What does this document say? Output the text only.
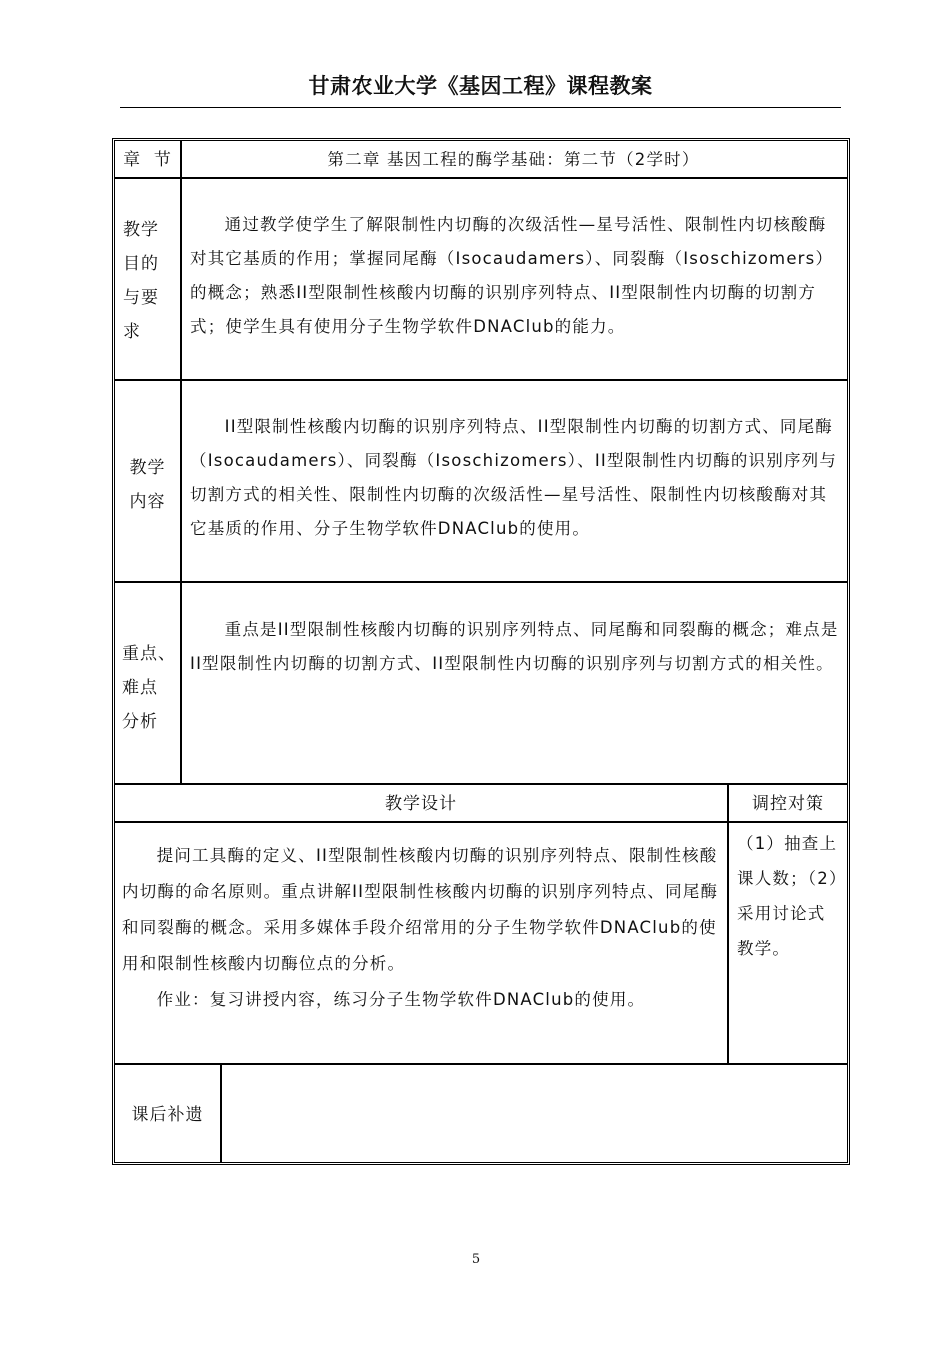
甘肃农业大学《基因工程》课程教案
章  节	第二章 基因工程的酶学基础：第二节（2学时）
教学
目的
与要
求

通过教学使学生了解限制性内切酶的次级活性—星号活性、限制性内切核酸酶对其它基质的作用；掌握同尾酶（Isocaudamers）、同裂酶（Isoschizomers）的概念；熟悉II型限制性核酸内切酶的识别序列特点、II型限制性内切酶的切割方式；使学生具有使用分子生物学软件DNAClub的能力。

教学
内容

II型限制性核酸内切酶的识别序列特点、II型限制性内切酶的切割方式、同尾酶（Isocaudamers）、同裂酶（Isoschizomers）、II型限制性内切酶的识别序列与切割方式的相关性、限制性内切酶的次级活性—星号活性、限制性内切核酸酶对其它基质的作用、分子生物学软件DNAClub的使用。

重点、
难点
分析

重点是II型限制性核酸内切酶的识别序列特点、同尾酶和同裂酶的概念；难点是II型限制性内切酶的切割方式、II型限制性内切酶的识别序列与切割方式的相关性。

教学设计	调控对策

提问工具酶的定义、II型限制性核酸内切酶的识别序列特点、限制性核酸内切酶的命名原则。重点讲解II型限制性核酸内切酶的识别序列特点、同尾酶和同裂酶的概念。采用多媒体手段介绍常用的分子生物学软件DNAClub的使用和限制性核酸内切酶位点的分析。

作业：复习讲授内容，练习分子生物学软件DNAClub的使用。

（1）抽查上课人数；（2）采用讨论式教学。
课后补遗
5
